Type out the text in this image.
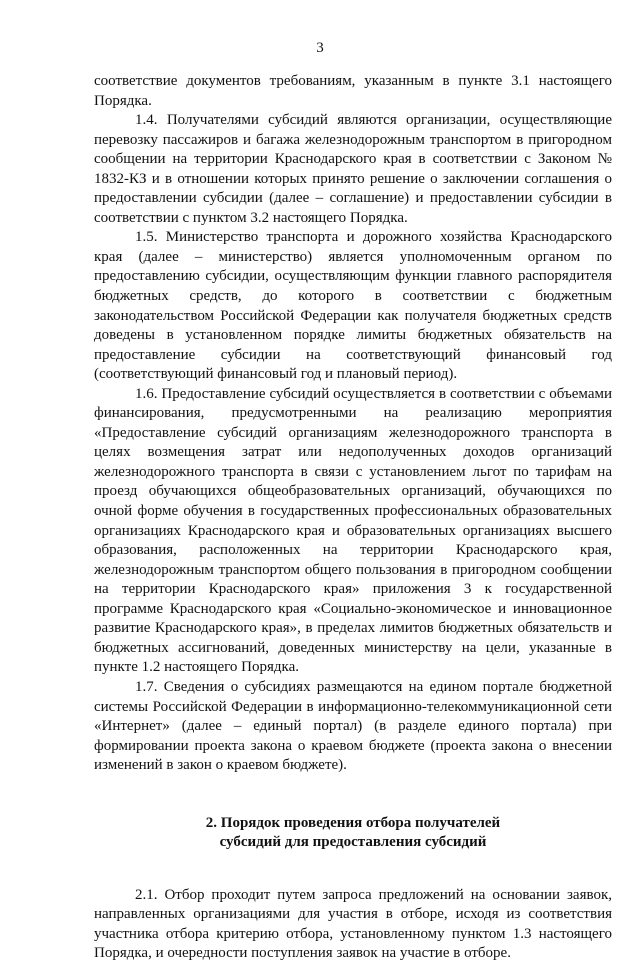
3

соответствие документов требованиям, указанным в пункте 3.1 настоящего Порядка.

1.4. Получателями субсидий являются организации, осуществляющие перевозку пассажиров и багажа железнодорожным транспортом в пригородном сообщении на территории Краснодарского края в соответствии с Законом № 1832-КЗ и в отношении которых принято решение о заключении соглашения о предоставлении субсидии (далее – соглашение) и предоставлении субсидии в соответствии с пунктом 3.2 настоящего Порядка.

1.5. Министерство транспорта и дорожного хозяйства Краснодарского края (далее – министерство) является уполномоченным органом по предоставлению субсидии, осуществляющим функции главного распорядителя бюджетных средств, до которого в соответствии с бюджетным законодательством Российской Федерации как получателя бюджетных средств доведены в установленном порядке лимиты бюджетных обязательств на предоставление субсидии на соответствующий финансовый год (соответствующий финансовый год и плановый период).

1.6. Предоставление субсидий осуществляется в соответствии с объемами финансирования, предусмотренными на реализацию мероприятия «Предоставление субсидий организациям железнодорожного транспорта в целях возмещения затрат или недополученных доходов организаций железнодорожного транспорта в связи с установлением льгот по тарифам на проезд обучающихся общеобразовательных организаций, обучающихся по очной форме обучения в государственных профессиональных образовательных организациях Краснодарского края и образовательных организациях высшего образования, расположенных на территории Краснодарского края, железнодорожным транспортом общего пользования в пригородном сообщении на территории Краснодарского края» приложения 3 к государственной программе Краснодарского края «Социально-экономическое и инновационное развитие Краснодарского края», в пределах лимитов бюджетных обязательств и бюджетных ассигнований, доведенных министерству на цели, указанные в пункте 1.2 настоящего Порядка.

1.7. Сведения о субсидиях размещаются на едином портале бюджетной системы Российской Федерации в информационно-телекоммуникационной сети «Интернет» (далее – единый портал) (в разделе единого портала) при формировании проекта закона о краевом бюджете (проекта закона о внесении изменений в закон о краевом бюджете).

2. Порядок проведения отбора получателей
субсидий для предоставления субсидий

2.1. Отбор проходит путем запроса предложений на основании заявок, направленных организациями для участия в отборе, исходя из соответствия участника отбора критерию отбора, установленному пунктом 1.3 настоящего Порядка, и очередности поступления заявок на участие в отборе.
